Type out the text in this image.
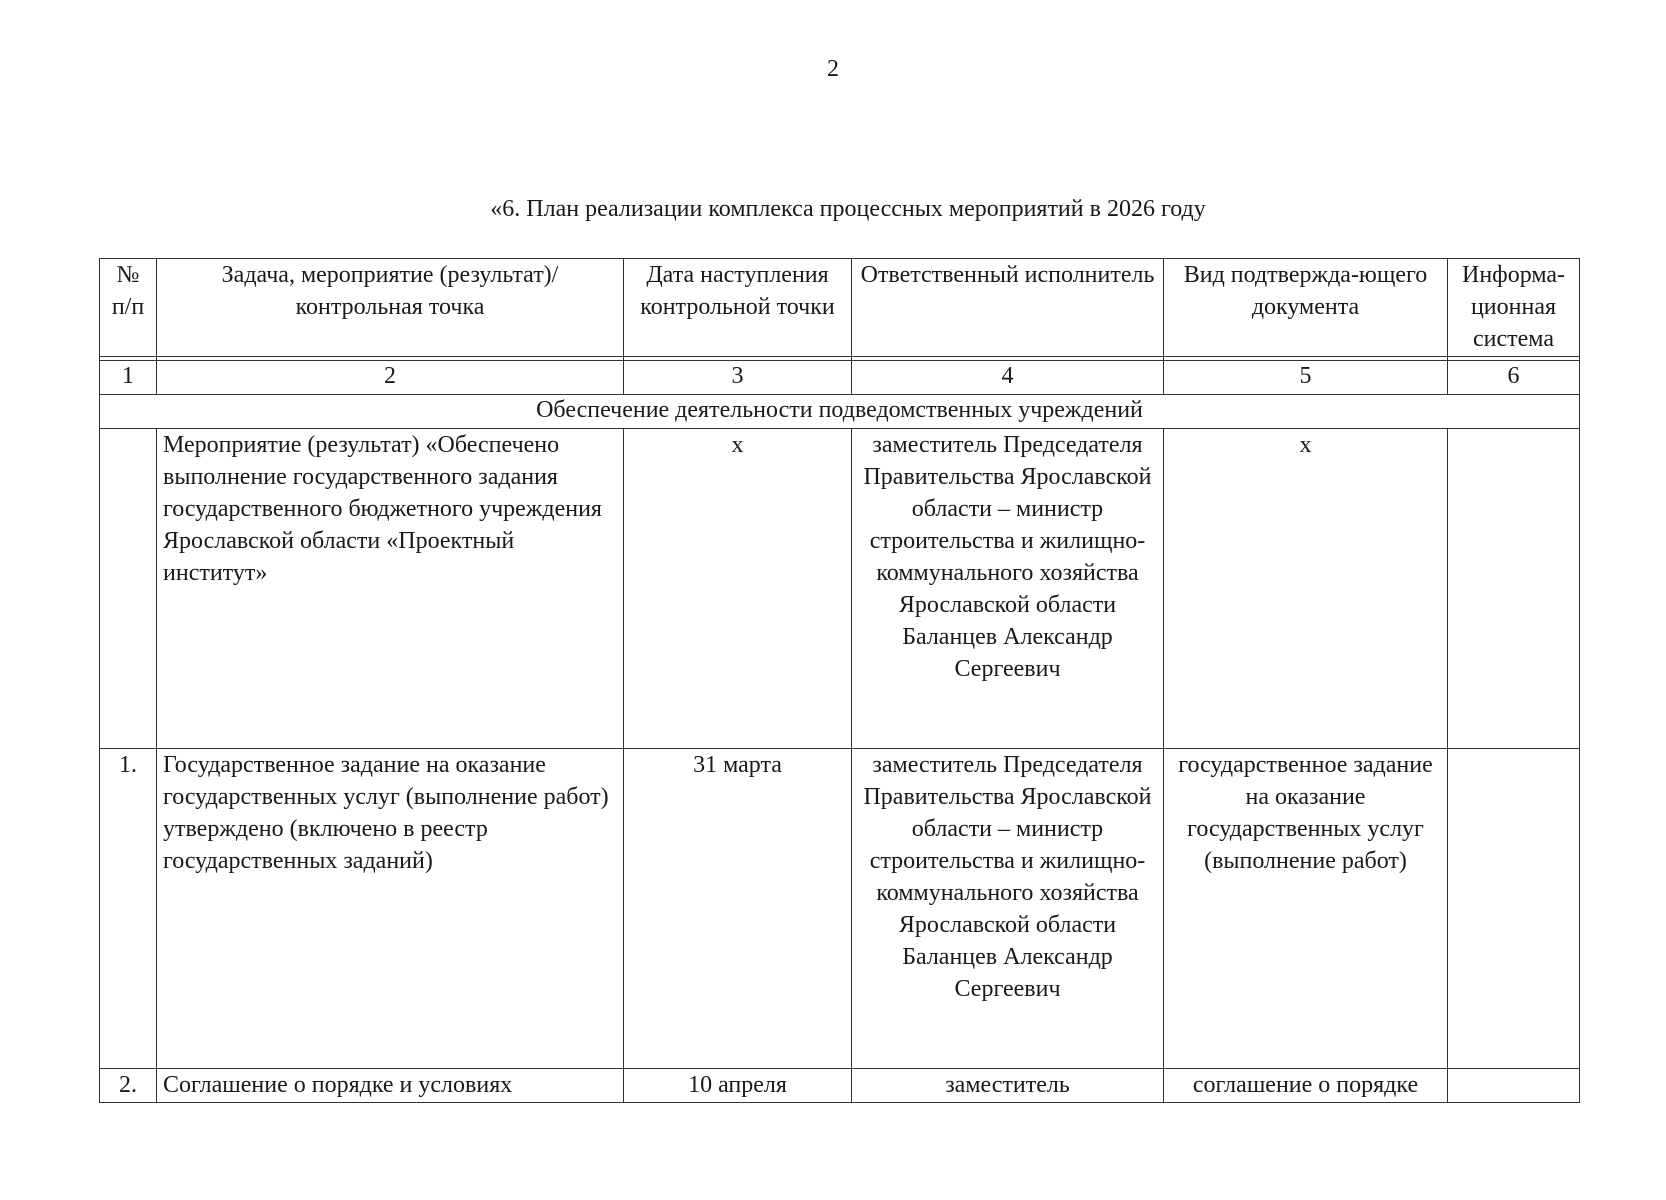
2
«6. План реализации комплекса процессных мероприятий в 2026 году
№ п/п	Задача, мероприятие (результат)/ контрольная точка	Дата наступления контрольной точки	Ответственный исполнитель	Вид подтвержда-ющего документа	Информа-ционная система

1	2	3	4	5	6
Обеспечение деятельности подведомственных учреждений					
	Мероприятие (результат) «Обеспечено выполнение государственного задания государственного бюджетного учреждения Ярославской области «Проектный институт»	х	заместитель Председателя Правительства Ярославской области – министр строительства и жилищно-коммунального хозяйства Ярославской области Баланцев Александр Сергеевич	х	
1.	Государственное задание на оказание государственных услуг (выполнение работ) утверждено (включено в реестр государственных заданий)	31 марта	заместитель Председателя Правительства Ярославской области – министр строительства и жилищно-коммунального хозяйства Ярославской области Баланцев Александр Сергеевич	государственное задание на оказание государственных услуг (выполнение работ)	
2.	Соглашение о порядке и условиях	10 апреля	заместитель	соглашение о порядке	
